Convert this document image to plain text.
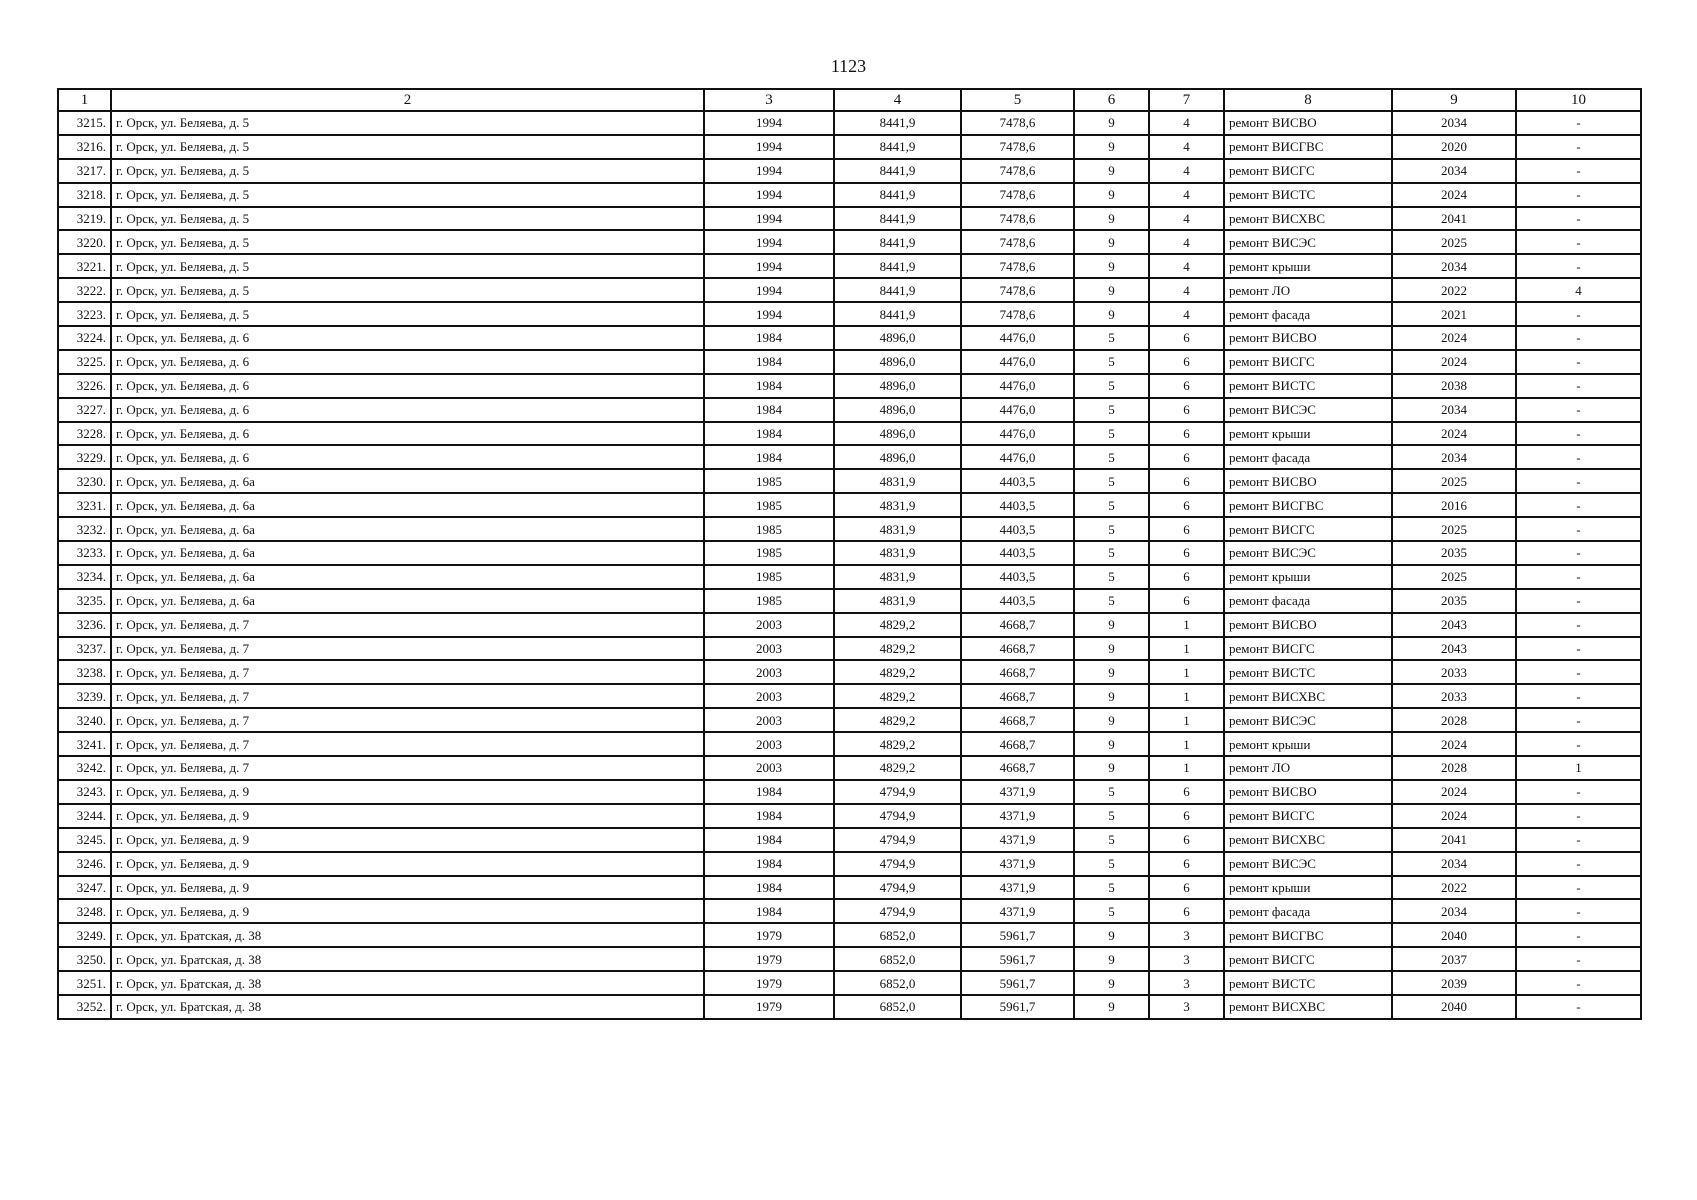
1123
1	2	3	4	5	6	7	8	9	10
3215.	г. Орск, ул. Беляева, д. 5	1994	8441,9	7478,6	9	4	ремонт ВИСВО	2034	-
3216.	г. Орск, ул. Беляева, д. 5	1994	8441,9	7478,6	9	4	ремонт ВИСГВС	2020	-
3217.	г. Орск, ул. Беляева, д. 5	1994	8441,9	7478,6	9	4	ремонт ВИСГС	2034	-
3218.	г. Орск, ул. Беляева, д. 5	1994	8441,9	7478,6	9	4	ремонт ВИСТС	2024	-
3219.	г. Орск, ул. Беляева, д. 5	1994	8441,9	7478,6	9	4	ремонт ВИСХВС	2041	-
3220.	г. Орск, ул. Беляева, д. 5	1994	8441,9	7478,6	9	4	ремонт ВИСЭС	2025	-
3221.	г. Орск, ул. Беляева, д. 5	1994	8441,9	7478,6	9	4	ремонт крыши	2034	-
3222.	г. Орск, ул. Беляева, д. 5	1994	8441,9	7478,6	9	4	ремонт ЛО	2022	4
3223.	г. Орск, ул. Беляева, д. 5	1994	8441,9	7478,6	9	4	ремонт фасада	2021	-
3224.	г. Орск, ул. Беляева, д. 6	1984	4896,0	4476,0	5	6	ремонт ВИСВО	2024	-
3225.	г. Орск, ул. Беляева, д. 6	1984	4896,0	4476,0	5	6	ремонт ВИСГС	2024	-
3226.	г. Орск, ул. Беляева, д. 6	1984	4896,0	4476,0	5	6	ремонт ВИСТС	2038	-
3227.	г. Орск, ул. Беляева, д. 6	1984	4896,0	4476,0	5	6	ремонт ВИСЭС	2034	-
3228.	г. Орск, ул. Беляева, д. 6	1984	4896,0	4476,0	5	6	ремонт крыши	2024	-
3229.	г. Орск, ул. Беляева, д. 6	1984	4896,0	4476,0	5	6	ремонт фасада	2034	-
3230.	г. Орск, ул. Беляева, д. 6а	1985	4831,9	4403,5	5	6	ремонт ВИСВО	2025	-
3231.	г. Орск, ул. Беляева, д. 6а	1985	4831,9	4403,5	5	6	ремонт ВИСГВС	2016	-
3232.	г. Орск, ул. Беляева, д. 6а	1985	4831,9	4403,5	5	6	ремонт ВИСГС	2025	-
3233.	г. Орск, ул. Беляева, д. 6а	1985	4831,9	4403,5	5	6	ремонт ВИСЭС	2035	-
3234.	г. Орск, ул. Беляева, д. 6а	1985	4831,9	4403,5	5	6	ремонт крыши	2025	-
3235.	г. Орск, ул. Беляева, д. 6а	1985	4831,9	4403,5	5	6	ремонт фасада	2035	-
3236.	г. Орск, ул. Беляева, д. 7	2003	4829,2	4668,7	9	1	ремонт ВИСВО	2043	-
3237.	г. Орск, ул. Беляева, д. 7	2003	4829,2	4668,7	9	1	ремонт ВИСГС	2043	-
3238.	г. Орск, ул. Беляева, д. 7	2003	4829,2	4668,7	9	1	ремонт ВИСТС	2033	-
3239.	г. Орск, ул. Беляева, д. 7	2003	4829,2	4668,7	9	1	ремонт ВИСХВС	2033	-
3240.	г. Орск, ул. Беляева, д. 7	2003	4829,2	4668,7	9	1	ремонт ВИСЭС	2028	-
3241.	г. Орск, ул. Беляева, д. 7	2003	4829,2	4668,7	9	1	ремонт крыши	2024	-
3242.	г. Орск, ул. Беляева, д. 7	2003	4829,2	4668,7	9	1	ремонт ЛО	2028	1
3243.	г. Орск, ул. Беляева, д. 9	1984	4794,9	4371,9	5	6	ремонт ВИСВО	2024	-
3244.	г. Орск, ул. Беляева, д. 9	1984	4794,9	4371,9	5	6	ремонт ВИСГС	2024	-
3245.	г. Орск, ул. Беляева, д. 9	1984	4794,9	4371,9	5	6	ремонт ВИСХВС	2041	-
3246.	г. Орск, ул. Беляева, д. 9	1984	4794,9	4371,9	5	6	ремонт ВИСЭС	2034	-
3247.	г. Орск, ул. Беляева, д. 9	1984	4794,9	4371,9	5	6	ремонт крыши	2022	-
3248.	г. Орск, ул. Беляева, д. 9	1984	4794,9	4371,9	5	6	ремонт фасада	2034	-
3249.	г. Орск, ул. Братская, д. 38	1979	6852,0	5961,7	9	3	ремонт ВИСГВС	2040	-
3250.	г. Орск, ул. Братская, д. 38	1979	6852,0	5961,7	9	3	ремонт ВИСГС	2037	-
3251.	г. Орск, ул. Братская, д. 38	1979	6852,0	5961,7	9	3	ремонт ВИСТС	2039	-
3252.	г. Орск, ул. Братская, д. 38	1979	6852,0	5961,7	9	3	ремонт ВИСХВС	2040	-
